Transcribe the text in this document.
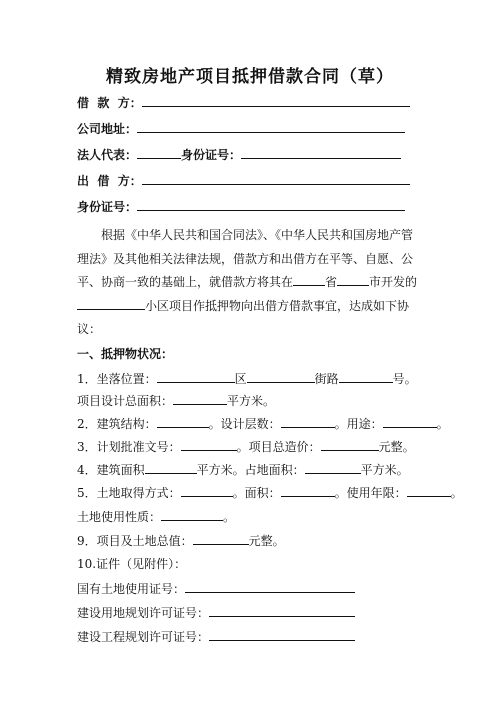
精致房地产项目抵押借款合同（草）
借  款  方：
公司地址：
法人代表：	身份证号：
出  借  方：
身份证号：
根据《中华人民共和国合同法》、《中华人民共和国房地产管
理法》及其他相关法律法规，借款方和出借方在平等、自愿、公
平、协商一致的基础上，就借款方将其在	省	市开发的
小区项目作抵押物向出借方借款事宜，达成如下协
议：
一、抵押物状况：
1．坐落位置：	区	街路	号。
项目设计总面积：	平方米。
2．建筑结构：	。设计层数：	。用途：	。
3．计划批准文号：	。项目总造价：	元整。
4．建筑面积	平方米。占地面积：	平方米。
5．土地取得方式：	。面积：	。使用年限：	。
土地使用性质：	。
9．项目及土地总值：	元整。
10.证件（见附件）：
国有土地使用证号：
建设用地规划许可证号：
建设工程规划许可证号：
